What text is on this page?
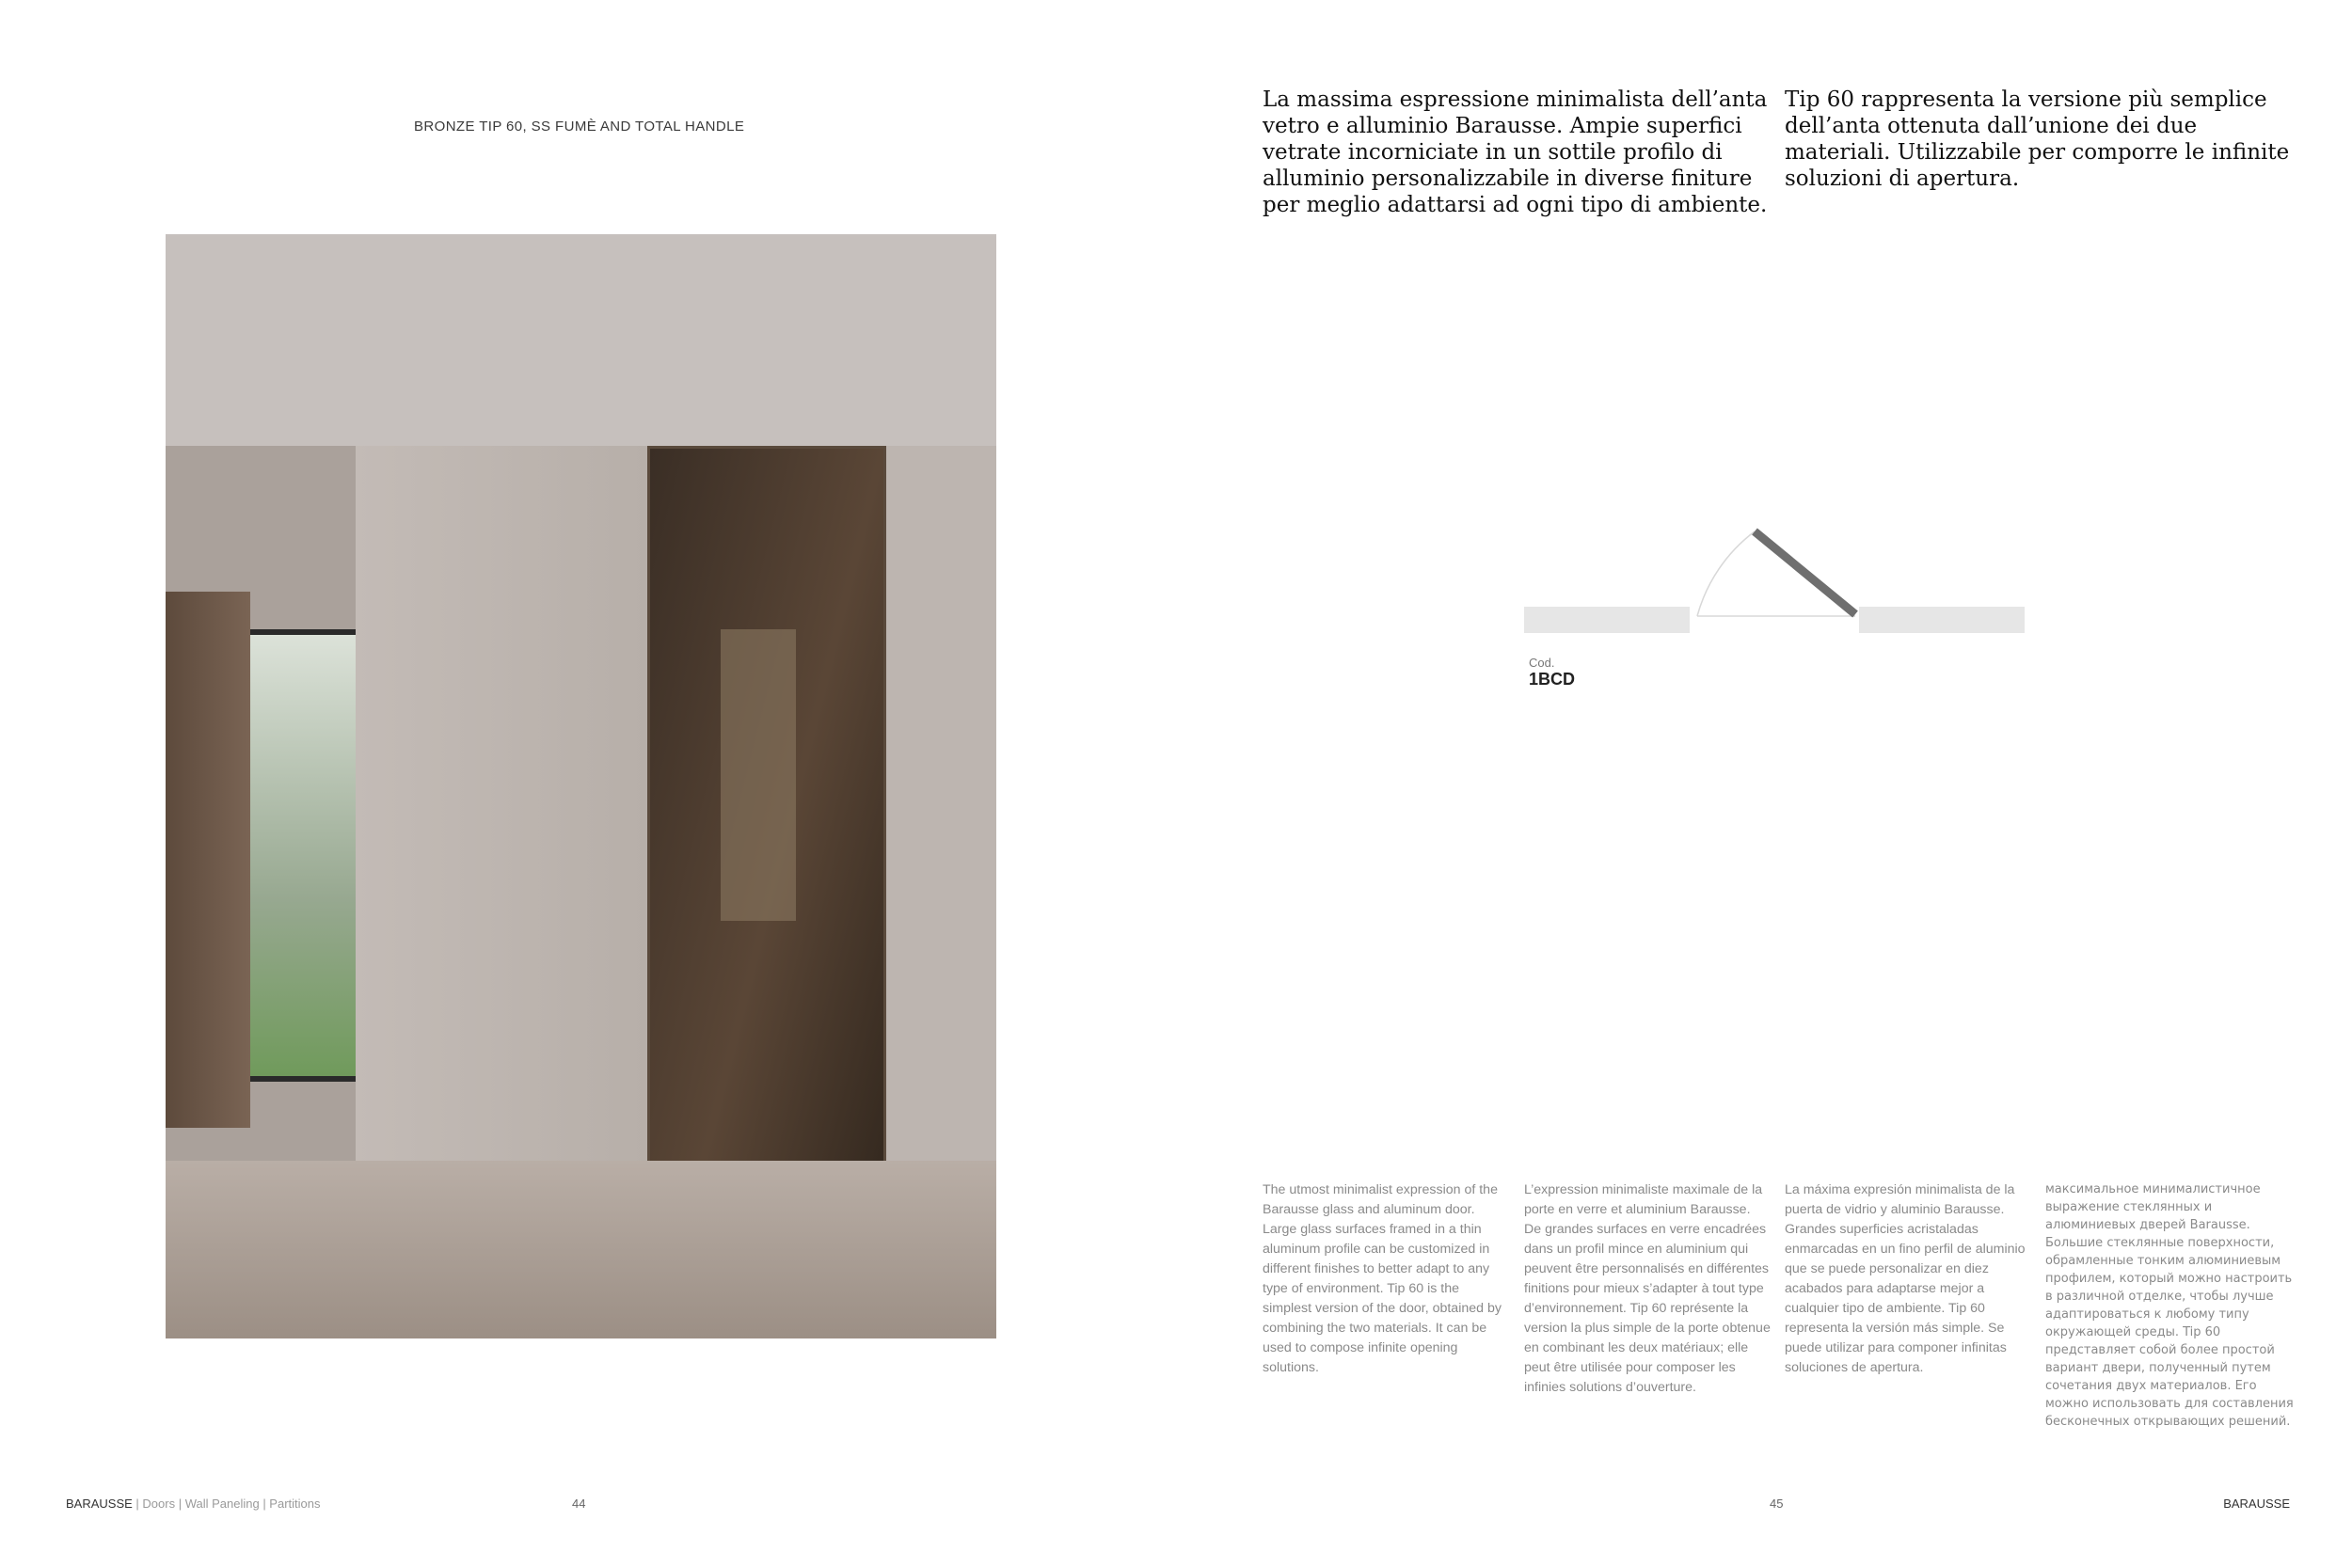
BRONZE TIP 60, SS FUMÈ AND TOTAL HANDLE
La massima espressione minimalista dell’anta vetro e alluminio Barausse. Ampie superfici vetrate incorniciate in un sottile profilo di alluminio personalizzabile in diverse finiture per meglio adattarsi ad ogni tipo di ambiente.
Tip 60 rappresenta la versione più semplice dell’anta ottenuta dall’unione dei due materiali. Utilizzabile per comporre le infinite soluzioni di apertura.
Cod.
1BCD
The utmost minimalist expression of the Barausse glass and aluminum door. Large glass surfaces framed in a thin aluminum profile can be customized in different finishes to better adapt to any type of environment. Tip 60 is the simplest version of the door, obtained by combining the two materials. It can be used to compose infinite opening solutions.
L’expression minimaliste maximale de la porte en verre et aluminium Barausse. De grandes surfaces en verre encadrées dans un profil mince en aluminium qui peuvent être personnalisés en différentes finitions pour mieux s’adapter à tout type d’environnement. Tip 60 représente la version la plus simple de la porte obtenue en combinant les deux matériaux; elle peut être utilisée pour composer les infinies solutions d’ouverture.
La máxima expresión minimalista de la puerta de vidrio y aluminio Barausse. Grandes superficies acristaladas enmarcadas en un fino perfil de aluminio que se puede personalizar en diez acabados para adaptarse mejor a cualquier tipo de ambiente. Tip 60 representa la versión más simple. Se puede utilizar para componer infinitas soluciones de apertura.
максимальное минималистичное выражение стеклянных и алюминиевых дверей Barausse. Большие стеклянные поверхности, обрамленные тонким алюминиевым профилем, который можно настроить в различной отделке, чтобы лучше адаптироваться к любому типу окружающей среды. Tip 60 представляет собой более простой вариант двери, полученный путем сочетания двух материалов. Его можно использовать для составления бесконечных открывающих решений.
BARAUSSE | Doors | Wall Paneling | Partitions	44	45	BARAUSSE
